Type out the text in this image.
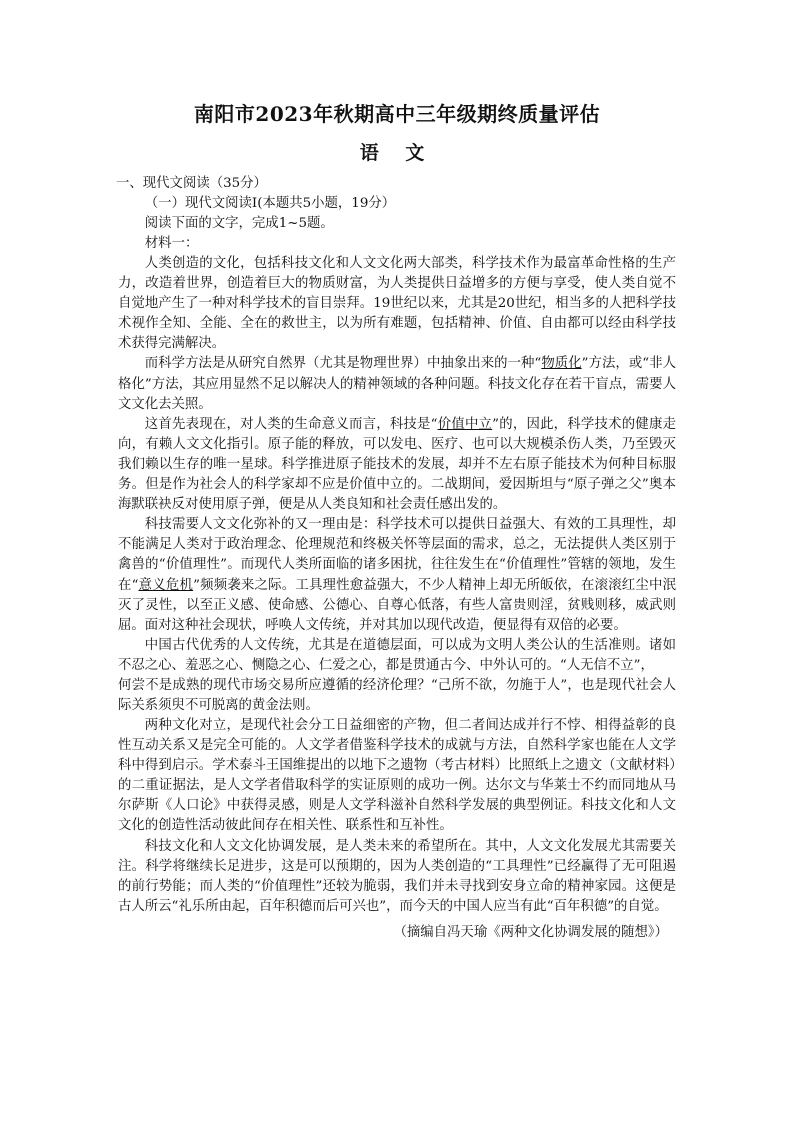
南阳市2023年秋期高中三年级期终质量评估
语 文

一、现代文阅读（35分）

（一）现代文阅读Ⅰ(本题共5小题，19分）

阅读下面的文字，完成1~5题。

材料一：

人类创造的文化，包括科技文化和人文文化两大部类，科学技术作为最富革命性格的生产力，改造着世界，创造着巨大的物质财富，为人类提供日益增多的方便与享受，使人类自觉不自觉地产生了一种对科学技术的盲目崇拜。19世纪以来，尤其是20世纪，相当多的人把科学技术视作全知、全能、全在的救世主，以为所有难题，包括精神、价值、自由都可以经由科学技术获得完满解决。

而科学方法是从研究自然界（尤其是物理世界）中抽象出来的一种“物质化”方法，或“非人格化”方法，其应用显然不足以解决人的精神领域的各种问题。科技文化存在若干盲点，需要人文文化去关照。

这首先表现在，对人类的生命意义而言，科技是“价值中立”的，因此，科学技术的健康走向，有赖人文文化指引。原子能的释放，可以发电、医疗、也可以大规模杀伤人类，乃至毁灭我们赖以生存的唯一星球。科学推进原子能技术的发展，却并不左右原子能技术为何种目标服务。但是作为社会人的科学家却不应是价值中立的。二战期间，爱因斯坦与“原子弹之父”奥本海默联袂反对使用原子弹，便是从人类良知和社会责任感出发的。

科技需要人文文化弥补的又一理由是：科学技术可以提供日益强大、有效的工具理性，却不能满足人类对于政治理念、伦理规范和终极关怀等层面的需求，总之，无法提供人类区别于禽兽的“价值理性”。而现代人类所面临的诸多困扰，往往发生在“价值理性”管辖的领地，发生在“意义危机”频频袭来之际。工具理性愈益强大，不少人精神上却无所皈依，在滚滚红尘中泯灭了灵性，以至正义感、使命感、公德心、自尊心低落，有些人富贵则淫，贫贱则移，威武则屈。面对这种社会现状，呼唤人文传统，并对其加以现代改造，便显得有双倍的必要。

中国古代优秀的人文传统，尤其是在道德层面，可以成为文明人类公认的生活准则。诸如不忍之心、羞恶之心、恻隐之心、仁爱之心，都是贯通古今、中外认可的。“人无信不立”，

何尝不是成熟的现代市场交易所应遵循的经济伦理？“己所不欲，勿施于人”，也是现代社会人际关系须臾不可脱离的黄金法则。

两种文化对立，是现代社会分工日益细密的产物，但二者间达成并行不悖、相得益彰的良性互动关系又是完全可能的。人文学者借鉴科学技术的成就与方法，自然科学家也能在人文学科中得到启示。学术泰斗王国维提出的以地下之遗物（考古材料）比照纸上之遗文（文献材料）的二重证据法，是人文学者借取科学的实证原则的成功一例。达尔文与华莱士不约而同地从马尔萨斯《人口论》中获得灵感，则是人文学科滋补自然科学发展的典型例证。科技文化和人文文化的创造性活动彼此间存在相关性、联系性和互补性。

科技文化和人文文化协调发展，是人类未来的希望所在。其中，人文文化发展尤其需要关注。科学将继续长足进步，这是可以预期的，因为人类创造的“工具理性”已经赢得了无可阻遏的前行势能；而人类的“价值理性”还较为脆弱，我们并未寻找到安身立命的精神家园。这便是古人所云“礼乐所由起，百年积德而后可兴也”，而今天的中国人应当有此“百年积德”的自觉。

（摘编自冯天瑜《两种文化协调发展的随想》）
